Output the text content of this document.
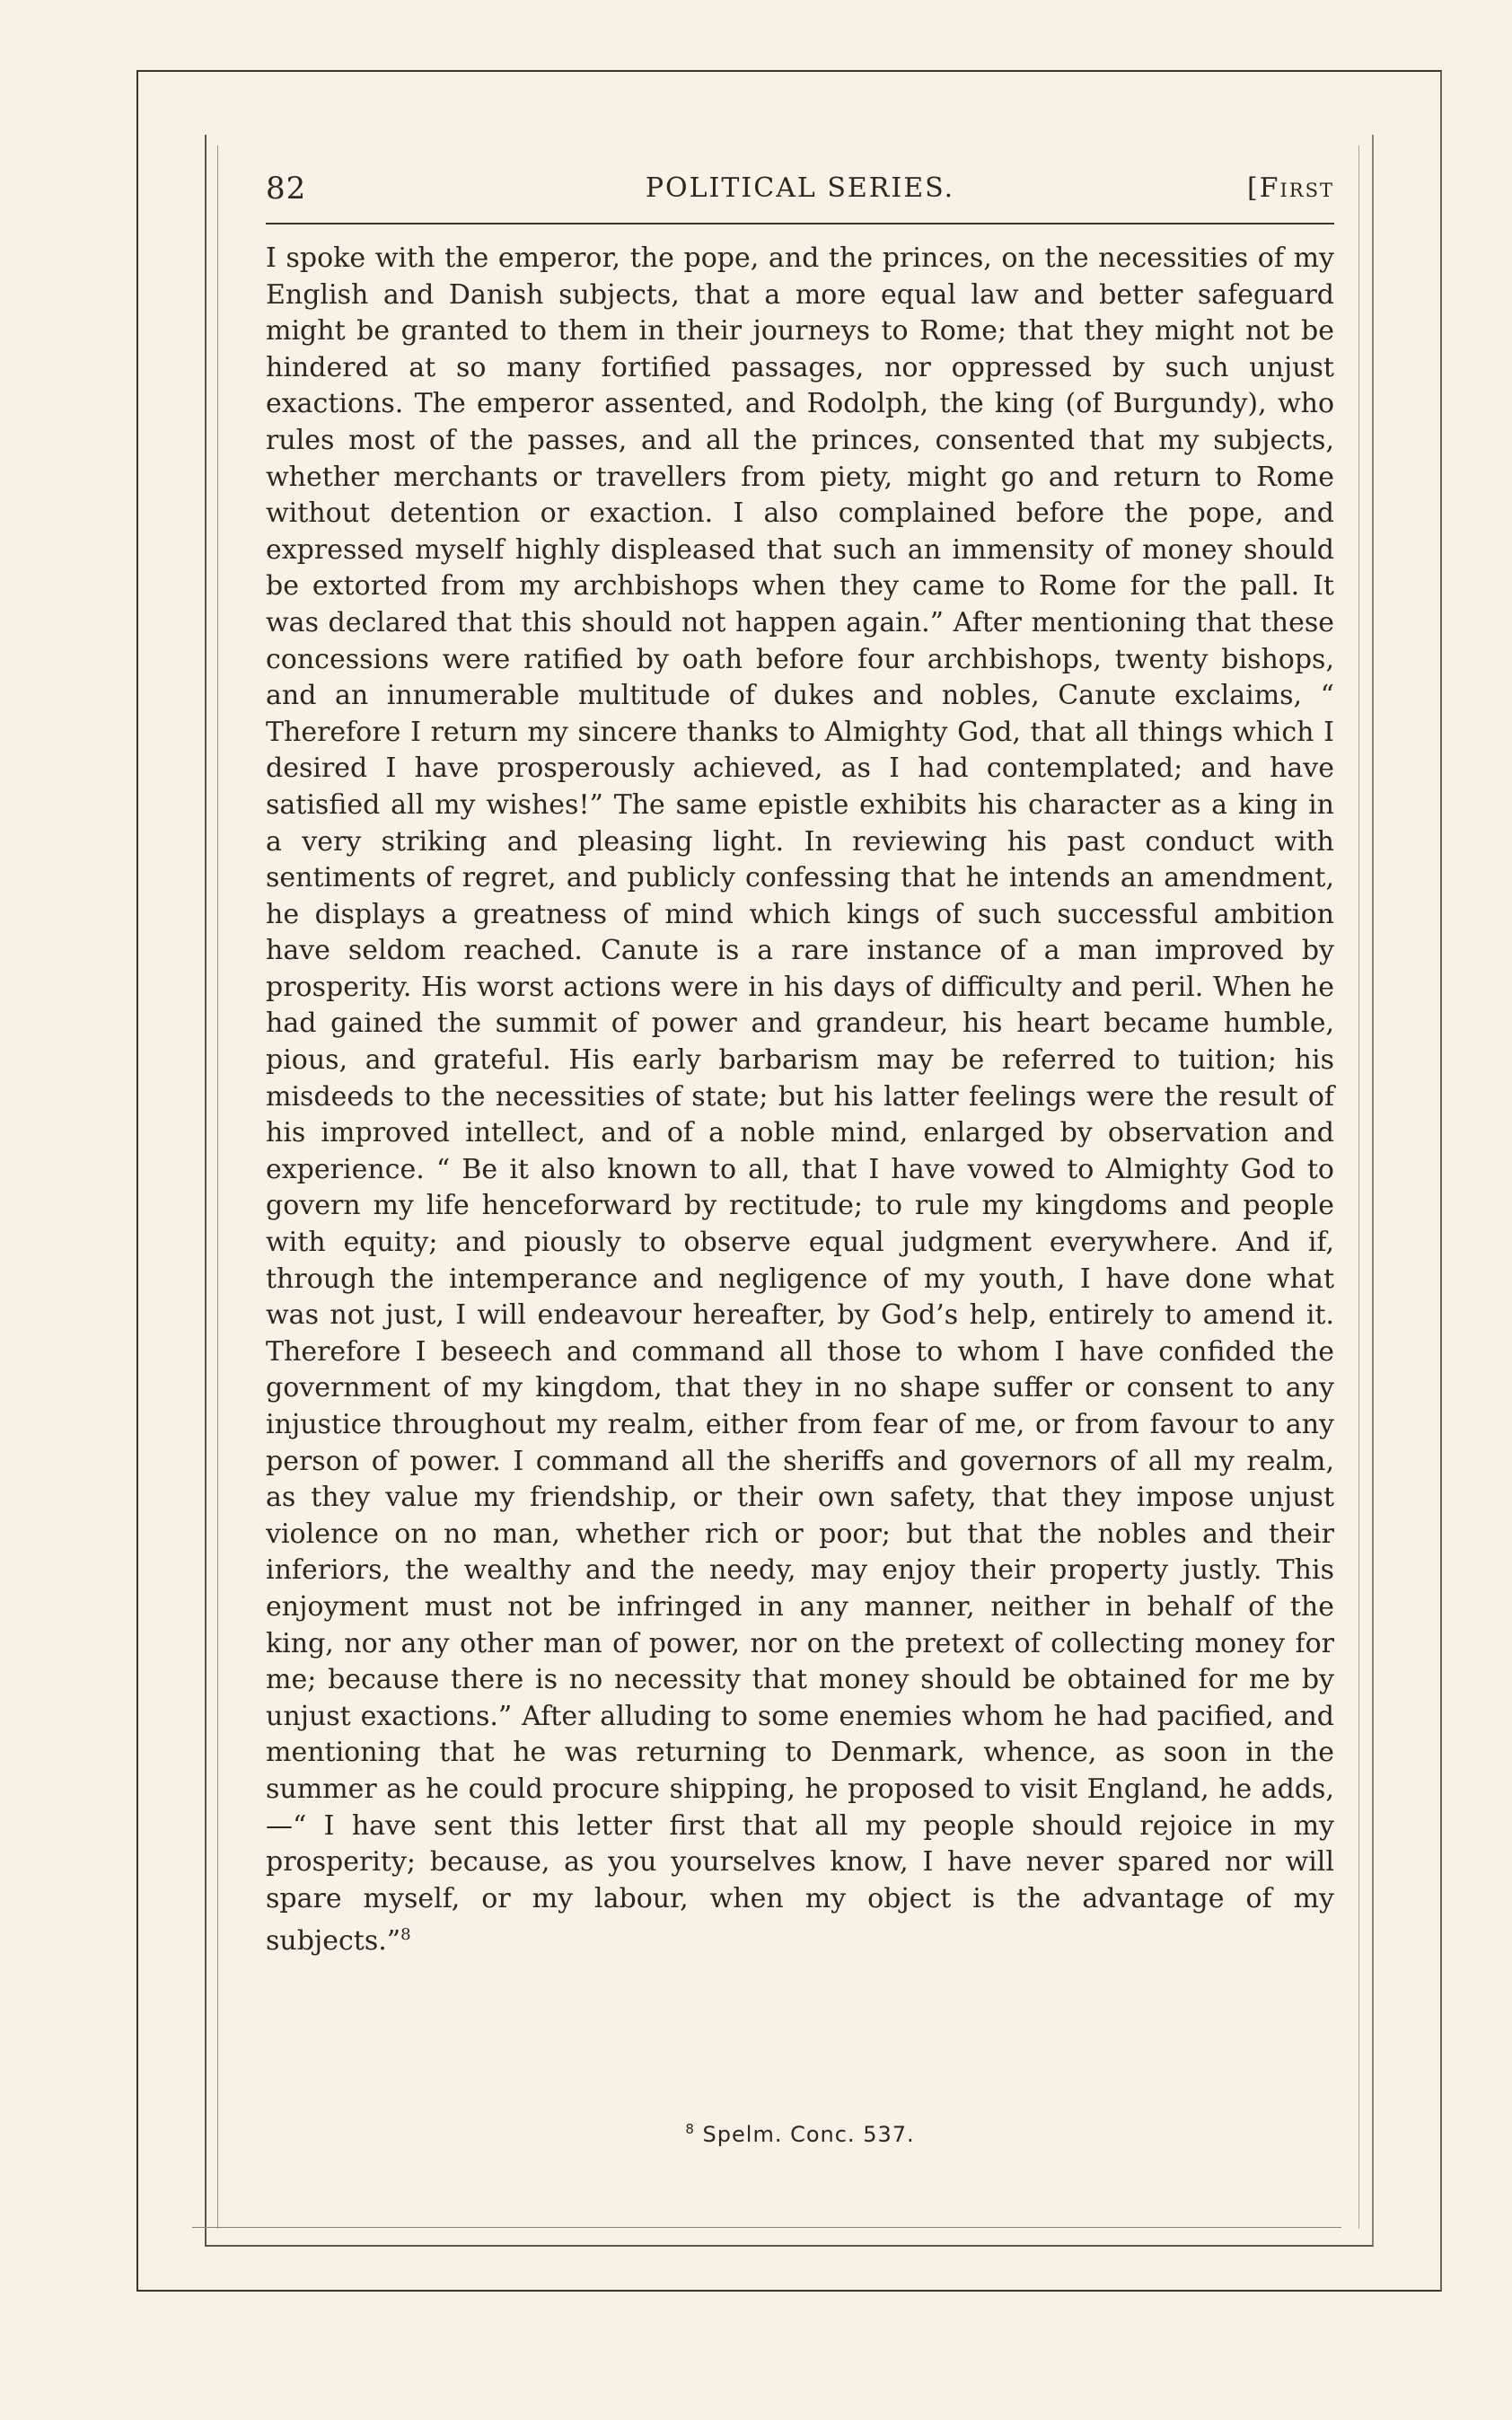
82	POLITICAL SERIES.	[First
I spoke with the emperor, the pope, and the princes, on the necessities of my English and Danish subjects, that a more equal law and better safeguard might be granted to them in their journeys to Rome; that they might not be hindered at so many fortified passages, nor oppressed by such unjust exactions. The emperor assented, and Rodolph, the king (of Burgundy), who rules most of the passes, and all the princes, consented that my subjects, whether merchants or travellers from piety, might go and return to Rome without detention or exaction. I also complained before the pope, and expressed myself highly displeased that such an immensity of money should be extorted from my archbishops when they came to Rome for the pall. It was declared that this should not happen again.” After mentioning that these concessions were ratified by oath before four archbishops, twenty bishops, and an innumerable multitude of dukes and nobles, Canute exclaims, “ Therefore I return my sincere thanks to Almighty God, that all things which I desired I have prosperously achieved, as I had contemplated; and have satisfied all my wishes!” The same epistle exhibits his character as a king in a very striking and pleasing light. In reviewing his past conduct with sentiments of regret, and publicly confessing that he intends an amendment, he displays a greatness of mind which kings of such successful ambition have seldom reached. Canute is a rare instance of a man improved by prosperity. His worst actions were in his days of difficulty and peril. When he had gained the summit of power and grandeur, his heart became humble, pious, and grateful. His early barbarism may be referred to tuition; his misdeeds to the necessities of state; but his latter feelings were the result of his improved intellect, and of a noble mind, enlarged by observation and experience. “ Be it also known to all, that I have vowed to Almighty God to govern my life henceforward by rectitude; to rule my kingdoms and people with equity; and piously to observe equal judgment everywhere. And if, through the intemperance and negligence of my youth, I have done what was not just, I will endeavour hereafter, by God’s help, entirely to amend it. Therefore I beseech and command all those to whom I have confided the government of my kingdom, that they in no shape suffer or consent to any injustice throughout my realm, either from fear of me, or from favour to any person of power. I command all the sheriffs and governors of all my realm, as they value my friendship, or their own safety, that they impose unjust violence on no man, whether rich or poor; but that the nobles and their inferiors, the wealthy and the needy, may enjoy their property justly. This enjoyment must not be infringed in any manner, neither in behalf of the king, nor any other man of power, nor on the pretext of collecting money for me; because there is no necessity that money should be obtained for me by unjust exactions.” After alluding to some enemies whom he had pacified, and mentioning that he was returning to Denmark, whence, as soon in the summer as he could procure shipping, he proposed to visit England, he adds,—“ I have sent this letter first that all my people should rejoice in my prosperity; because, as you yourselves know, I have never spared nor will spare myself, or my labour, when my object is the advantage of my subjects.”$^8$
$^8$ Spelm. Conc. 537.
